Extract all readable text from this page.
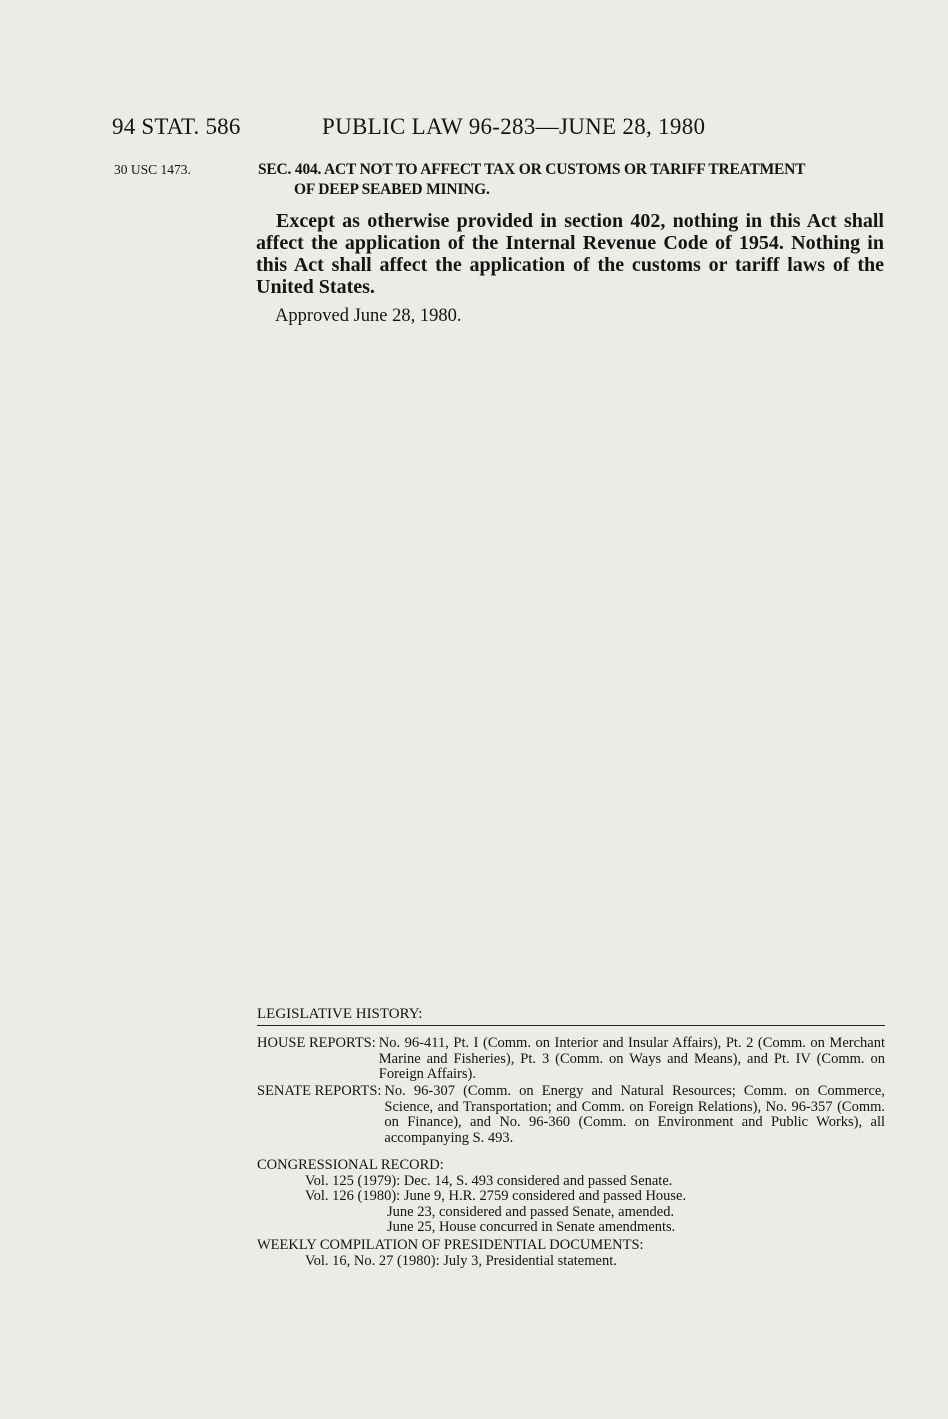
94 STAT. 586	PUBLIC LAW 96-283—JUNE 28, 1980
30 USC 1473.	SEC. 404. ACT NOT TO AFFECT TAX OR CUSTOMS OR TARIFF TREATMENT
OF DEEP SEABED MINING.

Except as otherwise provided in section 402, nothing in this Act shall affect the application of the Internal Revenue Code of 1954. Nothing in this Act shall affect the application of the customs or tariff laws of the United States.

Approved June 28, 1980.
LEGISLATIVE HISTORY:
HOUSE REPORTS: No. 96-411, Pt. I (Comm. on Interior and Insular Affairs), Pt. 2 (Comm. on Merchant Marine and Fisheries), Pt. 3 (Comm. on Ways and Means), and Pt. IV (Comm. on Foreign Affairs).
SENATE REPORTS: No. 96-307 (Comm. on Energy and Natural Resources; Comm. on Commerce, Science, and Transportation; and Comm. on Foreign Relations), No. 96-357 (Comm. on Finance), and No. 96-360 (Comm. on Environment and Public Works), all accompanying S. 493.
CONGRESSIONAL RECORD:
Vol. 125 (1979): Dec. 14, S. 493 considered and passed Senate.
Vol. 126 (1980): June 9, H.R. 2759 considered and passed House.
June 23, considered and passed Senate, amended.
June 25, House concurred in Senate amendments.
WEEKLY COMPILATION OF PRESIDENTIAL DOCUMENTS:
Vol. 16, No. 27 (1980): July 3, Presidential statement.
